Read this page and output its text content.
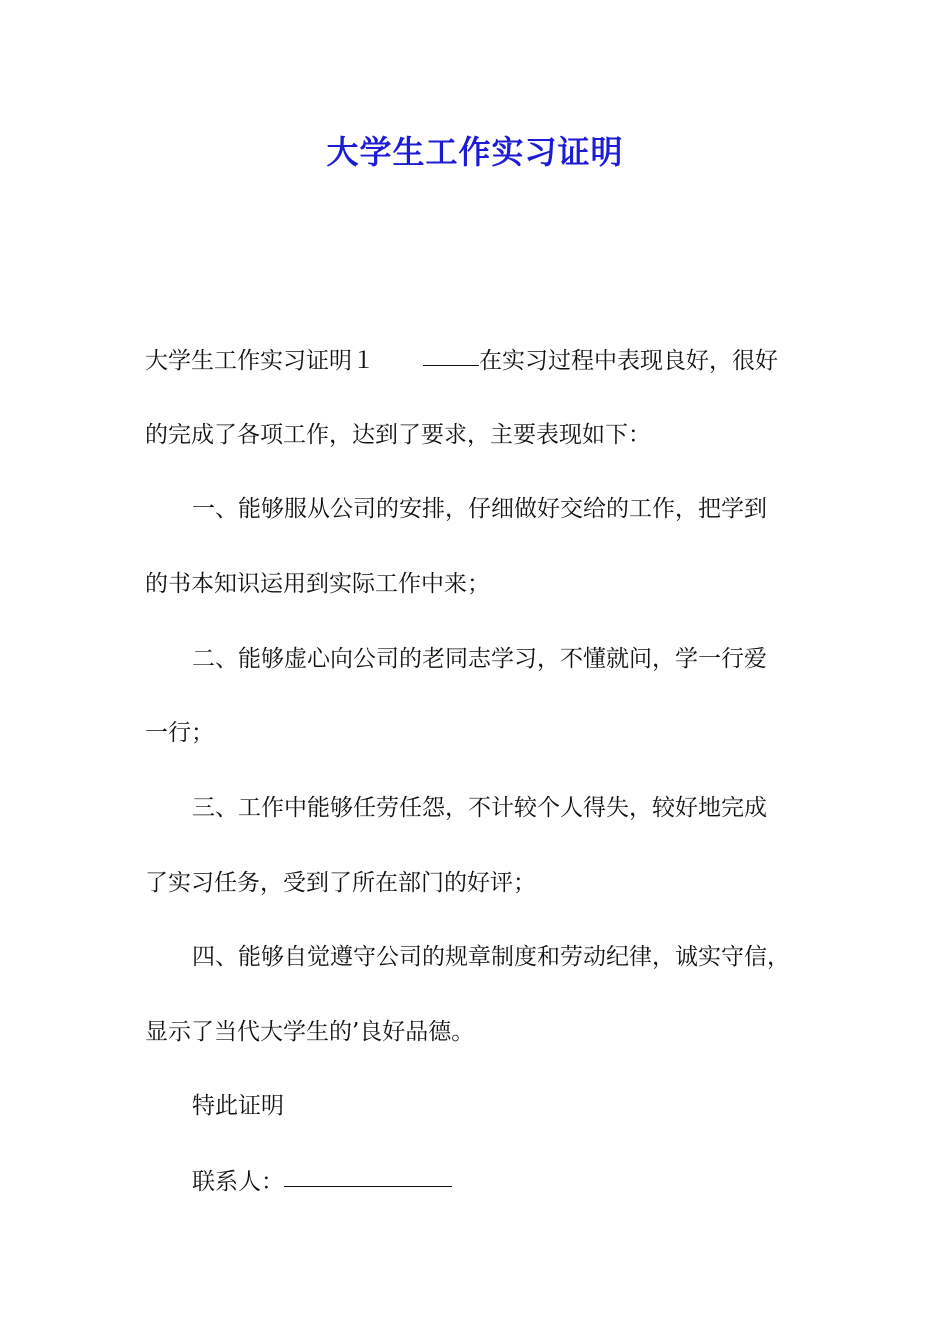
大学生工作实习证明
大学生工作实习证明１	在实习过程中表现良好，很好
的完成了各项工作，达到了要求，主要表现如下：
一、能够服从公司的安排，仔细做好交给的工作，把学到
的书本知识运用到实际工作中来；
二、能够虚心向公司的老同志学习，不懂就问，学一行爱
一行；
三、工作中能够任劳任怨，不计较个人得失，较好地完成
了实习任务，受到了所在部门的好评；
四、能够自觉遵守公司的规章制度和劳动纪律，诚实守信，
显示了当代大学生的’良好品德。
特此证明
联系人：
